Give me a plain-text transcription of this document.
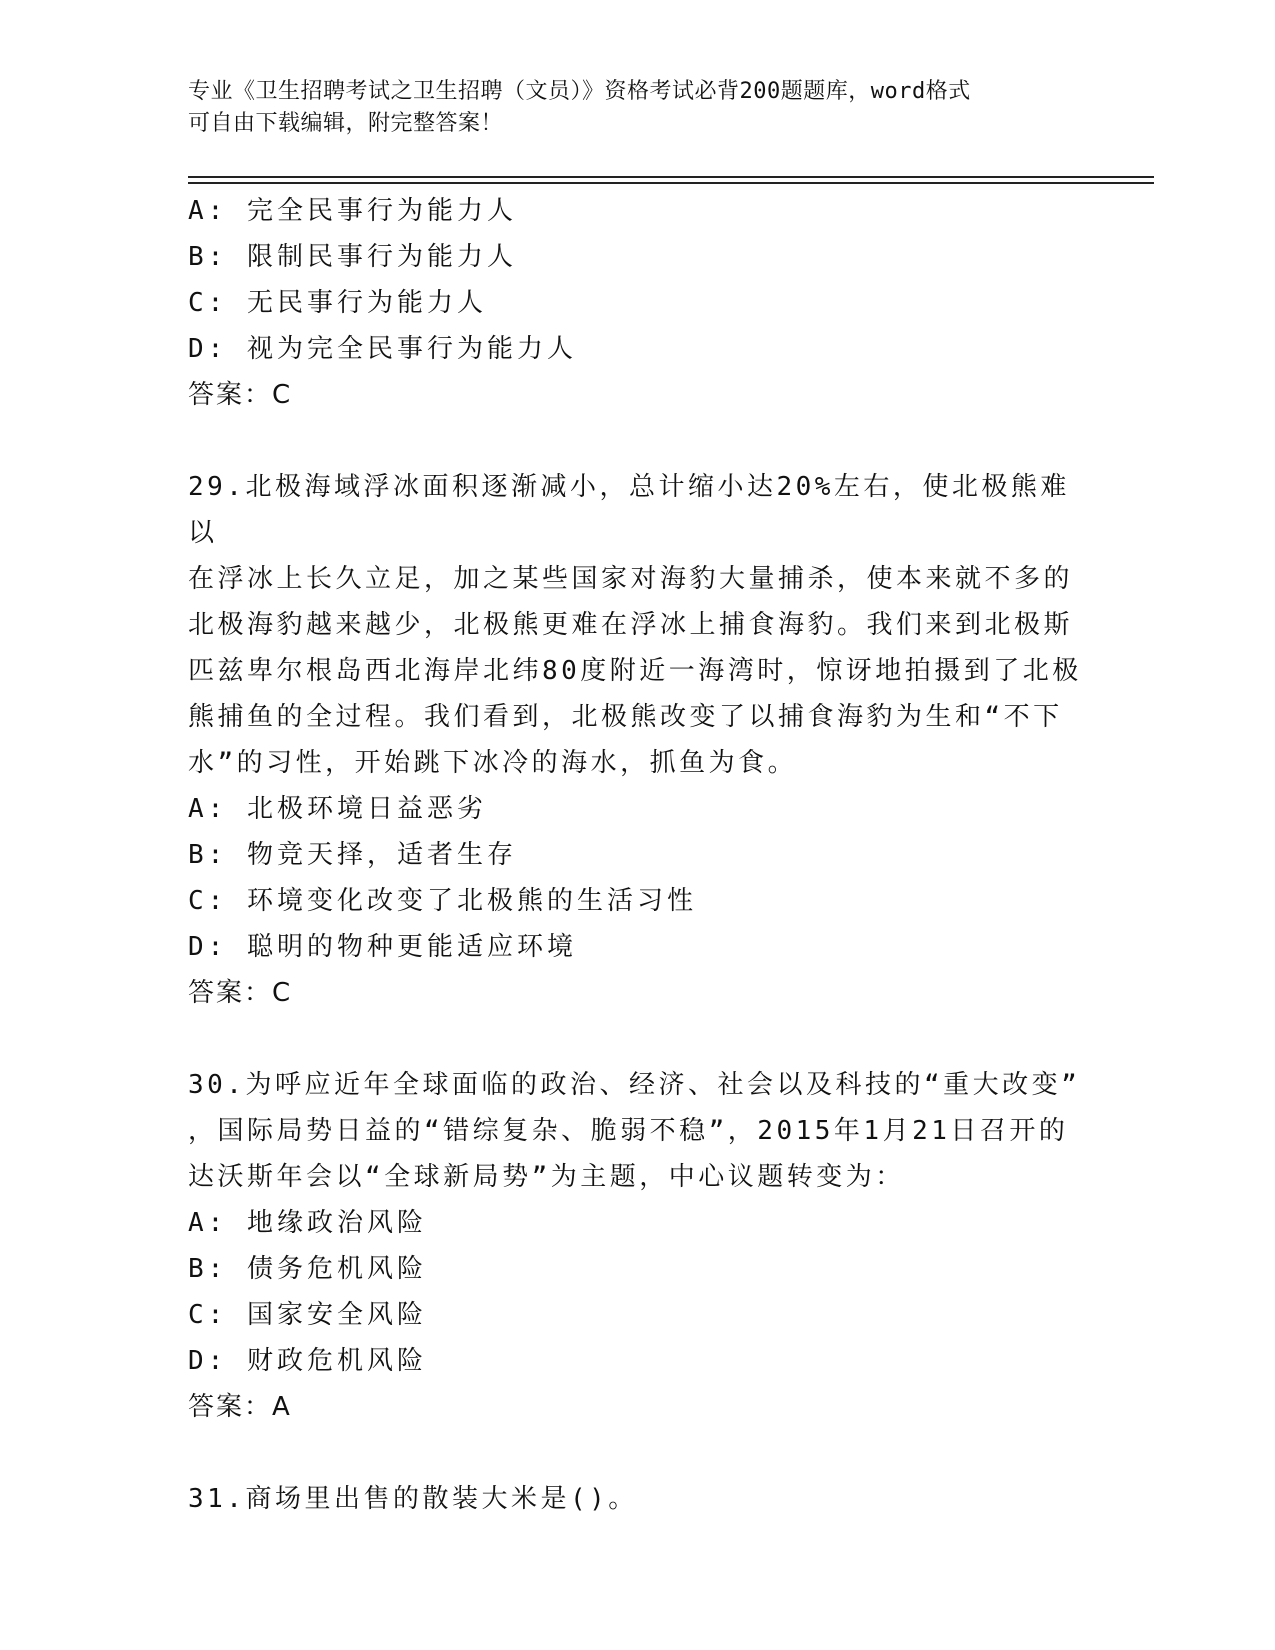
专业《卫生招聘考试之卫生招聘（文员）》资格考试必背200题题库，word格式
可自由下载编辑，附完整答案！
A: 完全民事行为能力人
B: 限制民事行为能力人
C: 无民事行为能力人
D: 视为完全民事行为能力人
答案：C
29.北极海域浮冰面积逐渐减小，总计缩小达20%左右，使北极熊难以
在浮冰上长久立足，加之某些国家对海豹大量捕杀，使本来就不多的
北极海豹越来越少，北极熊更难在浮冰上捕食海豹。我们来到北极斯
匹兹卑尔根岛西北海岸北纬80度附近一海湾时，惊讶地拍摄到了北极
熊捕鱼的全过程。我们看到，北极熊改变了以捕食海豹为生和“不下
水”的习性，开始跳下冰冷的海水，抓鱼为食。
A: 北极环境日益恶劣
B: 物竞天择，适者生存
C: 环境变化改变了北极熊的生活习性
D: 聪明的物种更能适应环境
答案：C
30.为呼应近年全球面临的政治、经济、社会以及科技的“重大改变”
，国际局势日益的“错综复杂、脆弱不稳”，2015年1月21日召开的
达沃斯年会以“全球新局势”为主题，中心议题转变为：
A: 地缘政治风险
B: 债务危机风险
C: 国家安全风险
D: 财政危机风险
答案：A
31.商场里出售的散装大米是()。
